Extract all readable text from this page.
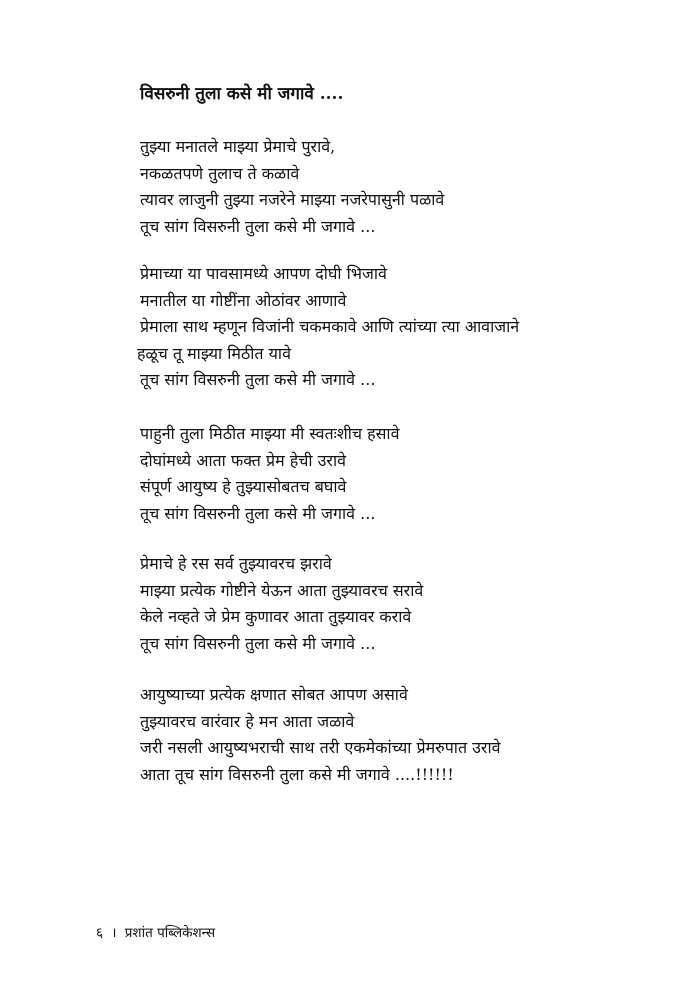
विसरुनी तुला कसे मी जगावे ....
तुझ्या मनातले माझ्या प्रेमाचे पुरावे,
नकळतपणे तुलाच ते कळावे
त्यावर लाजुनी तुझ्या नजरेने माझ्या नजरेपासुनी पळावे
तूच सांग विसरुनी तुला कसे मी जगावे ...
प्रेमाच्या या पावसामध्ये आपण दोघी भिजावे
मनातील या गोष्टींना ओठांवर आणावे
प्रेमाला साथ म्हणून विजांनी चकमकावे आणि त्यांच्या त्या आवाजाने
हळूच तू माझ्या मिठीत यावे
तूच सांग विसरुनी तुला कसे मी जगावे ...
पाहुनी तुला मिठीत माझ्या मी स्वतःशीच हसावे
दोघांमध्ये आता फक्त प्रेम हेची उरावे
संपूर्ण आयुष्य हे तुझ्यासोबतच बघावे
तूच सांग विसरुनी तुला कसे मी जगावे ...
प्रेमाचे हे रस सर्व तुझ्यावरच झरावे
माझ्या प्रत्येक गोष्टीने येऊन आता तुझ्यावरच सरावे
केले नव्हते जे प्रेम कुणावर आता तुझ्यावर करावे
तूच सांग विसरुनी तुला कसे मी जगावे ...
आयुष्याच्या प्रत्येक क्षणात सोबत आपण असावे
तुझ्यावरच वारंवार हे मन आता जळावे
जरी नसली आयुष्यभराची साथ तरी एकमेकांच्या प्रेमरुपात उरावे
आता तूच सांग विसरुनी तुला कसे मी जगावे ....!!!!!!
६ । प्रशांत पब्लिकेशन्स
